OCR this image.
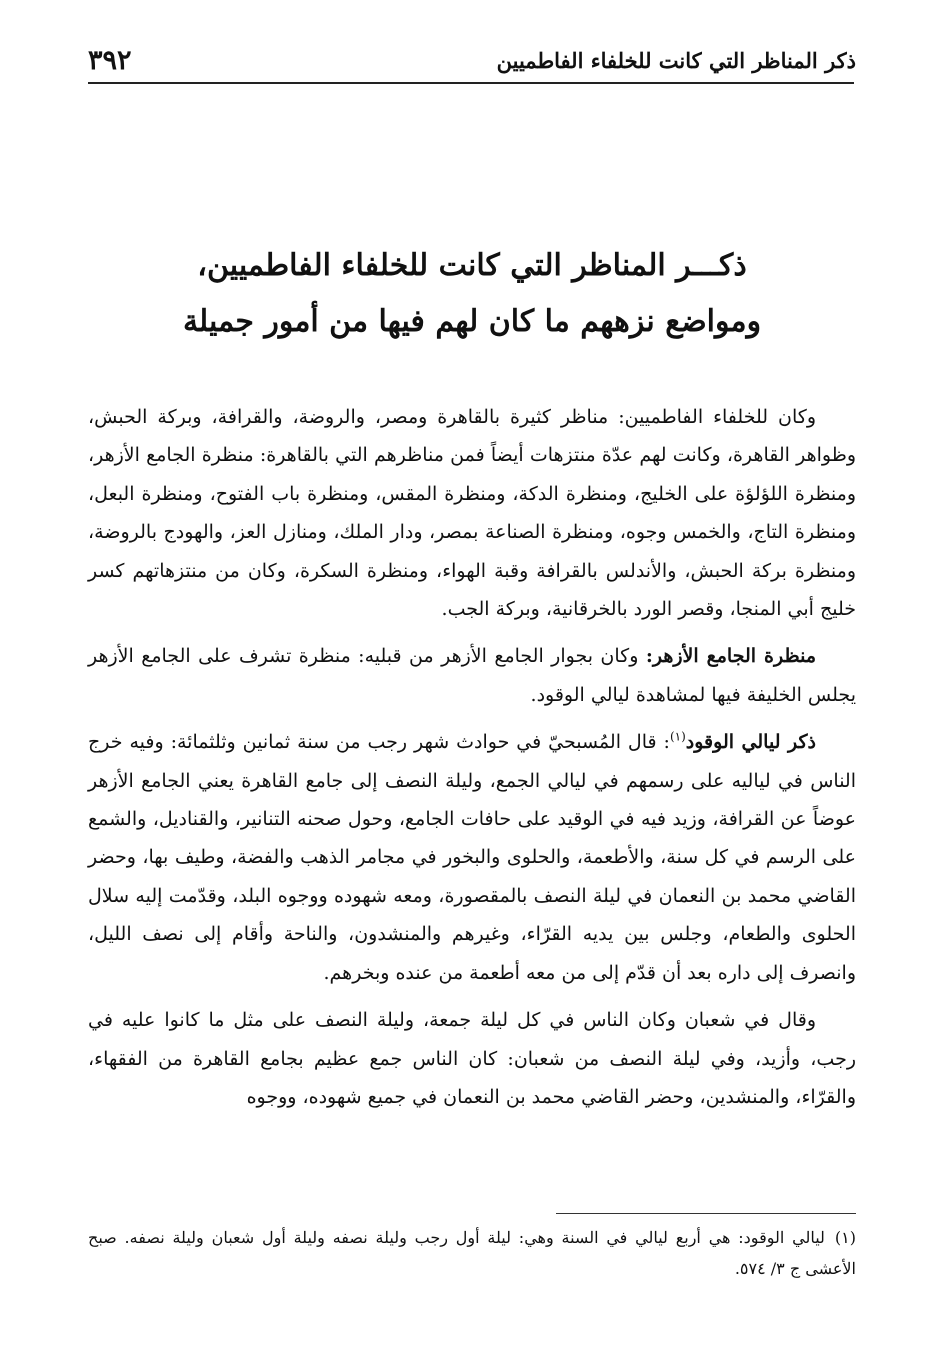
ذكر المناظر التي كانت للخلفاء الفاطميين
٣٩٢
ذكـــر المناظر التي كانت للخلفاء الفاطميين،
ومواضع نزههم ما كان لهم فيها من أمور جميلة

وكان للخلفاء الفاطميين: مناظر كثيرة بالقاهرة ومصر، والروضة، والقرافة، وبركة الحبش، وظواهر القاهرة، وكانت لهم عدّة منتزهات أيضاً فمن مناظرهم التي بالقاهرة: منظرة الجامع الأزهر، ومنظرة اللؤلؤة على الخليج، ومنظرة الدكة، ومنظرة المقس، ومنظرة باب الفتوح، ومنظرة البعل، ومنظرة التاج، والخمس وجوه، ومنظرة الصناعة بمصر، ودار الملك، ومنازل العز، والهودج بالروضة، ومنظرة بركة الحبش، والأندلس بالقرافة وقبة الهواء، ومنظرة السكرة، وكان من منتزهاتهم كسر خليج أبي المنجا، وقصر الورد بالخرقانية، وبركة الجب.

منظرة الجامع الأزهر: وكان بجوار الجامع الأزهر من قبليه: منظرة تشرف على الجامع الأزهر يجلس الخليفة فيها لمشاهدة ليالي الوقود.

ذكر ليالي الوقود$^{(١)}$: قال المُسبحيّ في حوادث شهر رجب من سنة ثمانين وثلثمائة: وفيه خرج الناس في لياليه على رسمهم في ليالي الجمع، وليلة النصف إلى جامع القاهرة يعني الجامع الأزهر عوضاً عن القرافة، وزيد فيه في الوقيد على حافات الجامع، وحول صحنه التنانير، والقناديل، والشمع على الرسم في كل سنة، والأطعمة، والحلوى والبخور في مجامر الذهب والفضة، وطيف بها، وحضر القاضي محمد بن النعمان في ليلة النصف بالمقصورة، ومعه شهوده ووجوه البلد، وقدّمت إليه سلال الحلوى والطعام، وجلس بين يديه القرّاء، وغيرهم والمنشدون، والناحة وأقام إلى نصف الليل، وانصرف إلى داره بعد أن قدّم إلى من معه أطعمة من عنده وبخرهم.

وقال في شعبان وكان الناس في كل ليلة جمعة، وليلة النصف على مثل ما كانوا عليه في رجب، وأزيد، وفي ليلة النصف من شعبان: كان الناس جمع عظيم بجامع القاهرة من الفقهاء، والقرّاء، والمنشدين، وحضر القاضي محمد بن النعمان في جميع شهوده، ووجوه

(١)ليالي الوقود: هي أربع ليالي في السنة وهي: ليلة أول رجب وليلة نصفه وليلة أول شعبان وليلة نصفه. صبح الأعشى ج ٣/ ٥٧٤.
